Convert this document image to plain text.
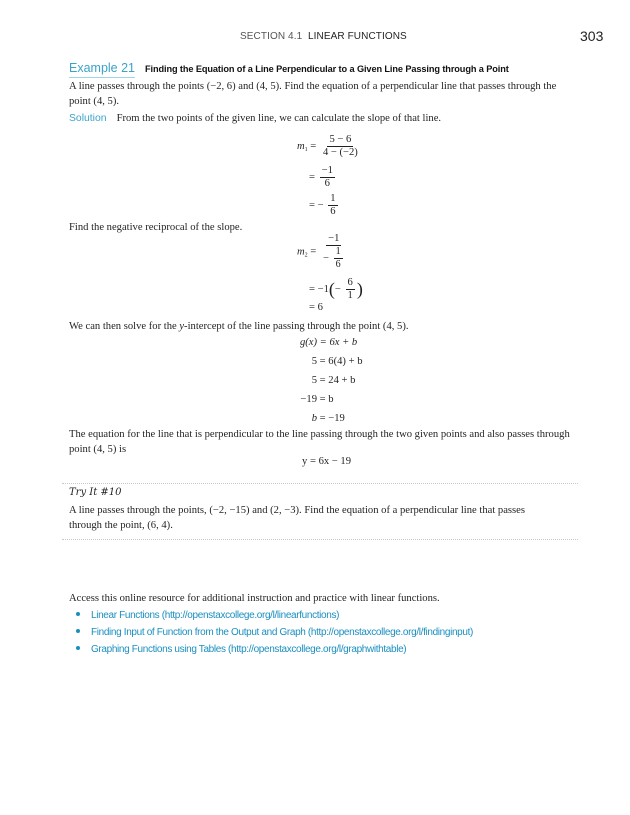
SECTION 4.1 LINEAR FUNCTIONS	303
Example 21 Finding the Equation of a Line Perpendicular to a Given Line Passing through a Point
A line passes through the points (−2, 6) and (4, 5). Find the equation of a perpendicular line that passes through the point (4, 5).
Solution From the two points of the given line, we can calculate the slope of that line.
$m_1 = \frac{5 - 6}{4 - (-2)}$
= $\frac{-1}{6}$
= − $\frac{1}{6}$
Find the negative reciprocal of the slope.
$m_2 = \frac{-1}{- \frac{1}{6}}$
= $-1(- \frac{6}{1}$ )
= 6
We can then solve for the y-intercept of the line passing through the point (4, 5).
g(x) = 6x + b
5 = 6(4) + b
5 = 24 + b
−19 = b
b = −19
The equation for the line that is perpendicular to the line passing through the two given points and also passes through point (4, 5) is
y = 6x − 19
Try It #10
A line passes through the points, (−2, −15) and (2, −3). Find the equation of a perpendicular line that passes through the point, (6, 4).
Access this online resource for additional instruction and practice with linear functions.
Linear Functions (http://openstaxcollege.org/l/linearfunctions)
Finding Input of Function from the Output and Graph (http://openstaxcollege.org/l/findinginput)
Graphing Functions using Tables (http://openstaxcollege.org/l/graphwithtable)
